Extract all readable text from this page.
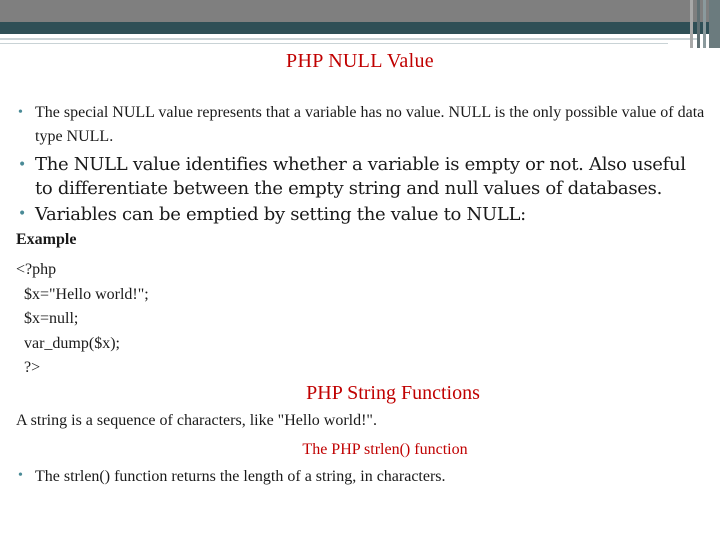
PHP NULL Value
• The special NULL value represents that a variable has no value. NULL is the only possible value of data type NULL.
• The NULL value identifies whether a variable is empty or not. Also useful to differentiate between the empty string and null values of databases.
• Variables can be emptied by setting the value to NULL:
Example
<?php
$x="Hello world!";
$x=null;
var_dump($x);
?>
PHP String Functions
A string is a sequence of characters, like "Hello world!".
The PHP strlen() function
• The strlen() function returns the length of a string, in characters.
